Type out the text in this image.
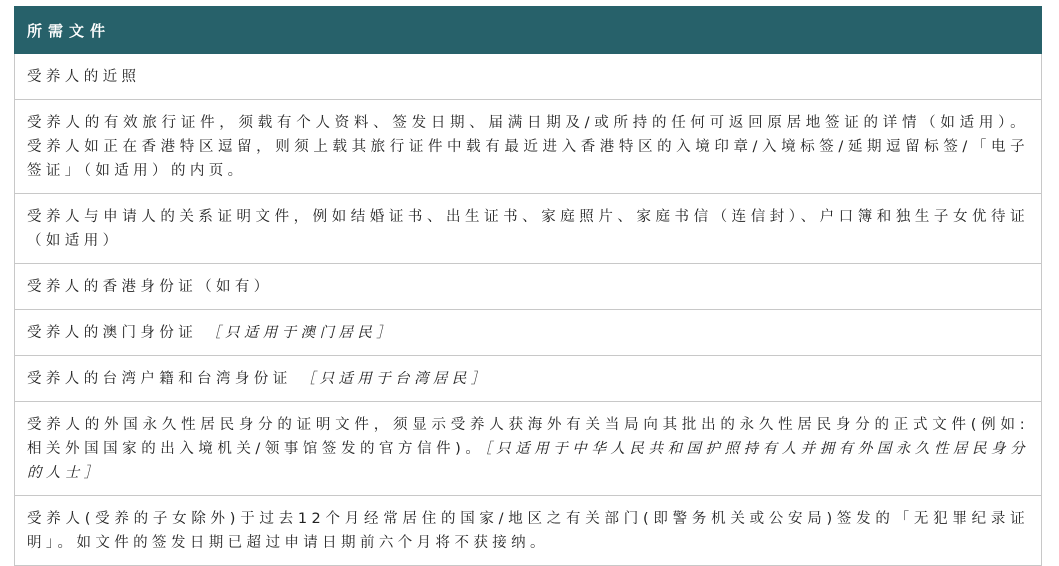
所需文件
受养人的近照
受养人的有效旅行证件，须载有个人资料、签发日期、届满日期及/或所持的任何可返回原居地签证的详情（如适用）。受养人如正在香港特区逗留，则须上载其旅行证件中载有最近进入香港特区的入境印章/入境标签/延期逗留标签/「电子签证」（如适用）的内页。
受养人与申请人的关系证明文件，例如结婚证书、出生证书、家庭照片、家庭书信（连信封）、户口簿和独生子女优待证（如适用）
受养人的香港身份证（如有）
受养人的澳门身份证 ［只适用于澳门居民］
受养人的台湾户籍和台湾身份证 ［只适用于台湾居民］
受养人的外国永久性居民身分的证明文件，须显示受养人获海外有关当局向其批出的永久性居民身分的正式文件(例如:相关外国国家的出入境机关/领事馆签发的官方信件)。［只适用于中华人民共和国护照持有人并拥有外国永久性居民身分的人士］
受养人(受养的子女除外)于过去12个月经常居住的国家/地区之有关部门(即警务机关或公安局)签发的「无犯罪纪录证明」。如文件的签发日期已超过申请日期前六个月将不获接纳。
